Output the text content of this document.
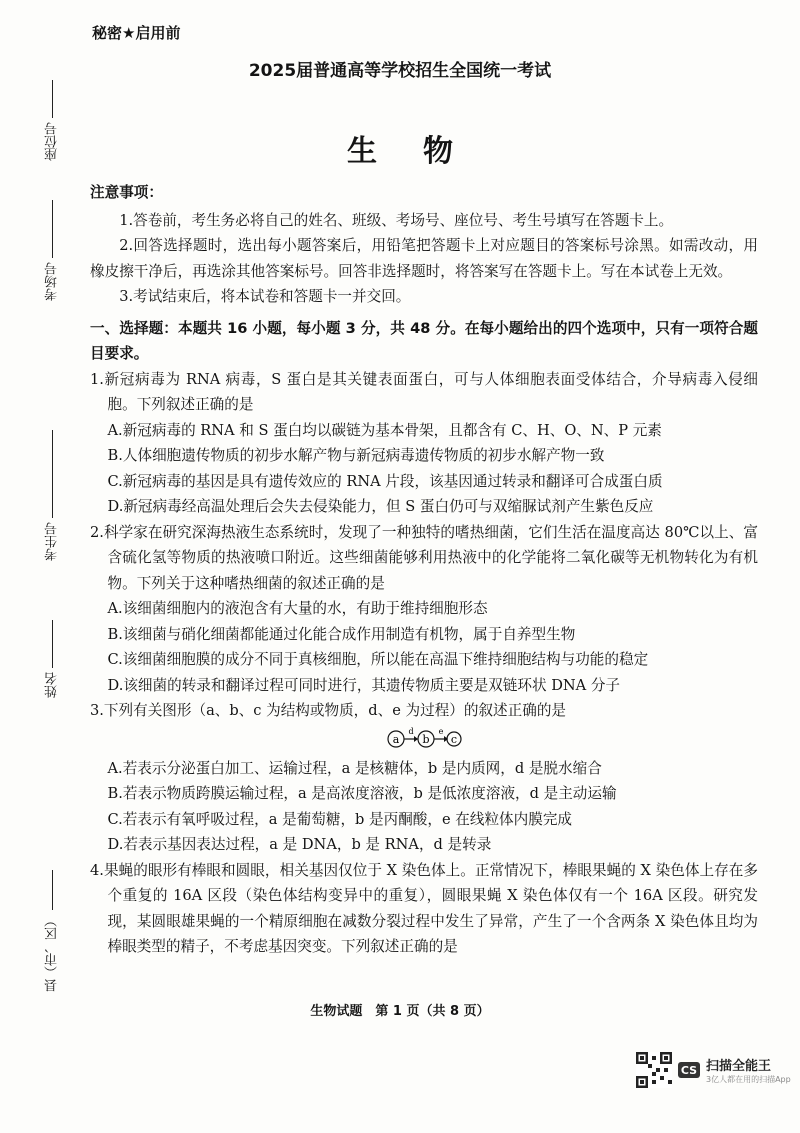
座位号
考场号
考生号
姓名
县（市、区）
秘密★启用前
2025届普通高等学校招生全国统一考试
生物
注意事项：
1.答卷前，考生务必将自己的姓名、班级、考场号、座位号、考生号填写在答题卡上。
2.回答选择题时，选出每小题答案后，用铅笔把答题卡上对应题目的答案标号涂黑。如需改动，用橡皮擦干净后，再选涂其他答案标号。回答非选择题时，将答案写在答题卡上。写在本试卷上无效。
3.考试结束后，将本试卷和答题卡一并交回。
一、选择题：本题共 16 小题，每小题 3 分，共 48 分。在每小题给出的四个选项中，只有一项符合题目要求。
1.新冠病毒为 RNA 病毒，S 蛋白是其关键表面蛋白，可与人体细胞表面受体结合，介导病毒入侵细胞。下列叙述正确的是
A.新冠病毒的 RNA 和 S 蛋白均以碳链为基本骨架，且都含有 C、H、O、N、P 元素
B.人体细胞遗传物质的初步水解产物与新冠病毒遗传物质的初步水解产物一致
C.新冠病毒的基因是具有遗传效应的 RNA 片段，该基因通过转录和翻译可合成蛋白质
D.新冠病毒经高温处理后会失去侵染能力，但 S 蛋白仍可与双缩脲试剂产生紫色反应
2.科学家在研究深海热液生态系统时，发现了一种独特的嗜热细菌，它们生活在温度高达 80℃以上、富含硫化氢等物质的热液喷口附近。这些细菌能够利用热液中的化学能将二氧化碳等无机物转化为有机物。下列关于这种嗜热细菌的叙述正确的是
A.该细菌细胞内的液泡含有大量的水，有助于维持细胞形态
B.该细菌与硝化细菌都能通过化能合成作用制造有机物，属于自养型生物
C.该细菌细胞膜的成分不同于真核细胞，所以能在高温下维持细胞结构与功能的稳定
D.该细菌的转录和翻译过程可同时进行，其遗传物质主要是双链环状 DNA 分子
3.下列有关图形（a、b、c 为结构或物质，d、e 为过程）的叙述正确的是
a
d
b
e
c
A.若表示分泌蛋白加工、运输过程，a 是核糖体，b 是内质网，d 是脱水缩合
B.若表示物质跨膜运输过程，a 是高浓度溶液，b 是低浓度溶液，d 是主动运输
C.若表示有氧呼吸过程，a 是葡萄糖，b 是丙酮酸，e 在线粒体内膜完成
D.若表示基因表达过程，a 是 DNA，b 是 RNA，d 是转录
4.果蝇的眼形有棒眼和圆眼，相关基因仅位于 X 染色体上。正常情况下，棒眼果蝇的 X 染色体上存在多个重复的 16A 区段（染色体结构变异中的重复），圆眼果蝇 X 染色体仅有一个 16A 区段。研究发现，某圆眼雄果蝇的一个精原细胞在减数分裂过程中发生了异常，产生了一个含两条 X 染色体且均为棒眼类型的精子，不考虑基因突变。下列叙述正确的是
生物试题　第 1 页（共 8 页）
CS 扫描全能王
3亿人都在用的扫描App
